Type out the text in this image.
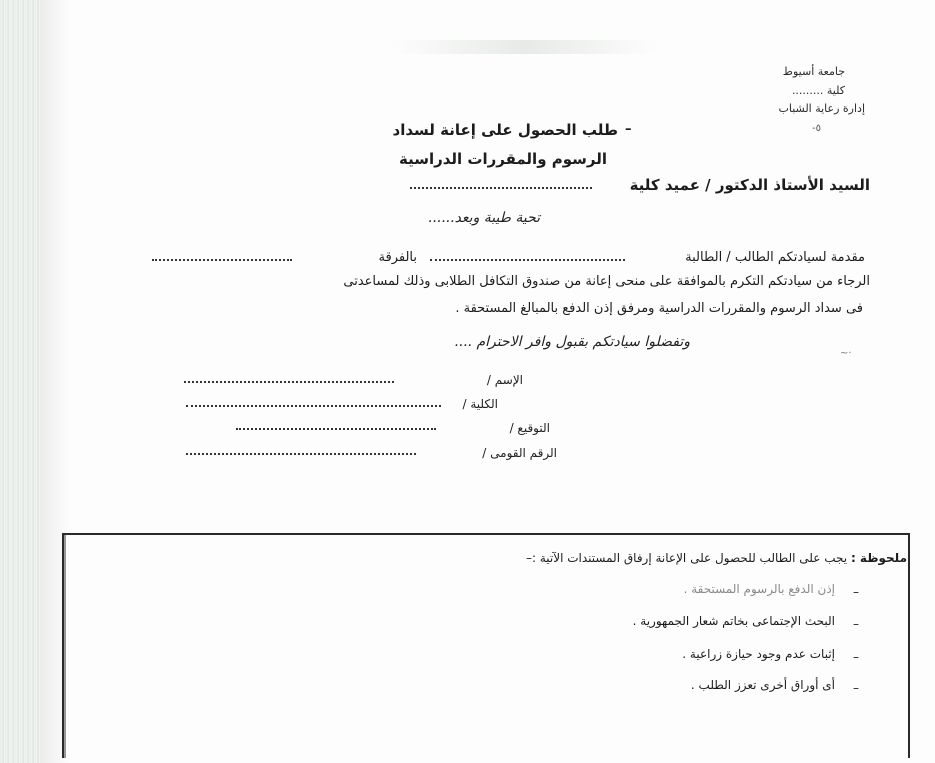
جامعة أسيوط
كلية .........
إدارة رعاية الشباب
-٥
–
طلب الحصول على إعانة لسداد
الرسوم والمقررات الدراسية
السيد الأستاذ الدكتور / عميد كلية
تحية طيبة وبعد......
مقدمة لسيادتكم الطالب / الطالبة
بالفرقة
الرجاء من سيادتكم التكرم بالموافقة على منحى إعانة من صندوق التكافل الطلابى وذلك لمساعدتى
فى سداد الرسوم والمقررات الدراسية ومرفق إذن الدفع بالمبالغ المستحقة .
وتفضلوا سيادتكم بقبول وافر الاحترام ....
~·
الإسم /
الكلية /
التوقيع /
الرقم القومى /
ملحوظة : يجب على الطالب للحصول على الإعانة إرفاق المستندات الآتية :–
–
إذن الدفع بالرسوم المستحقة .
–
البحث الإجتماعى بخاتم شعار الجمهورية .
–
إثبات عدم وجود حيازة زراعية .
–
أى أوراق أخرى تعزز الطلب .
